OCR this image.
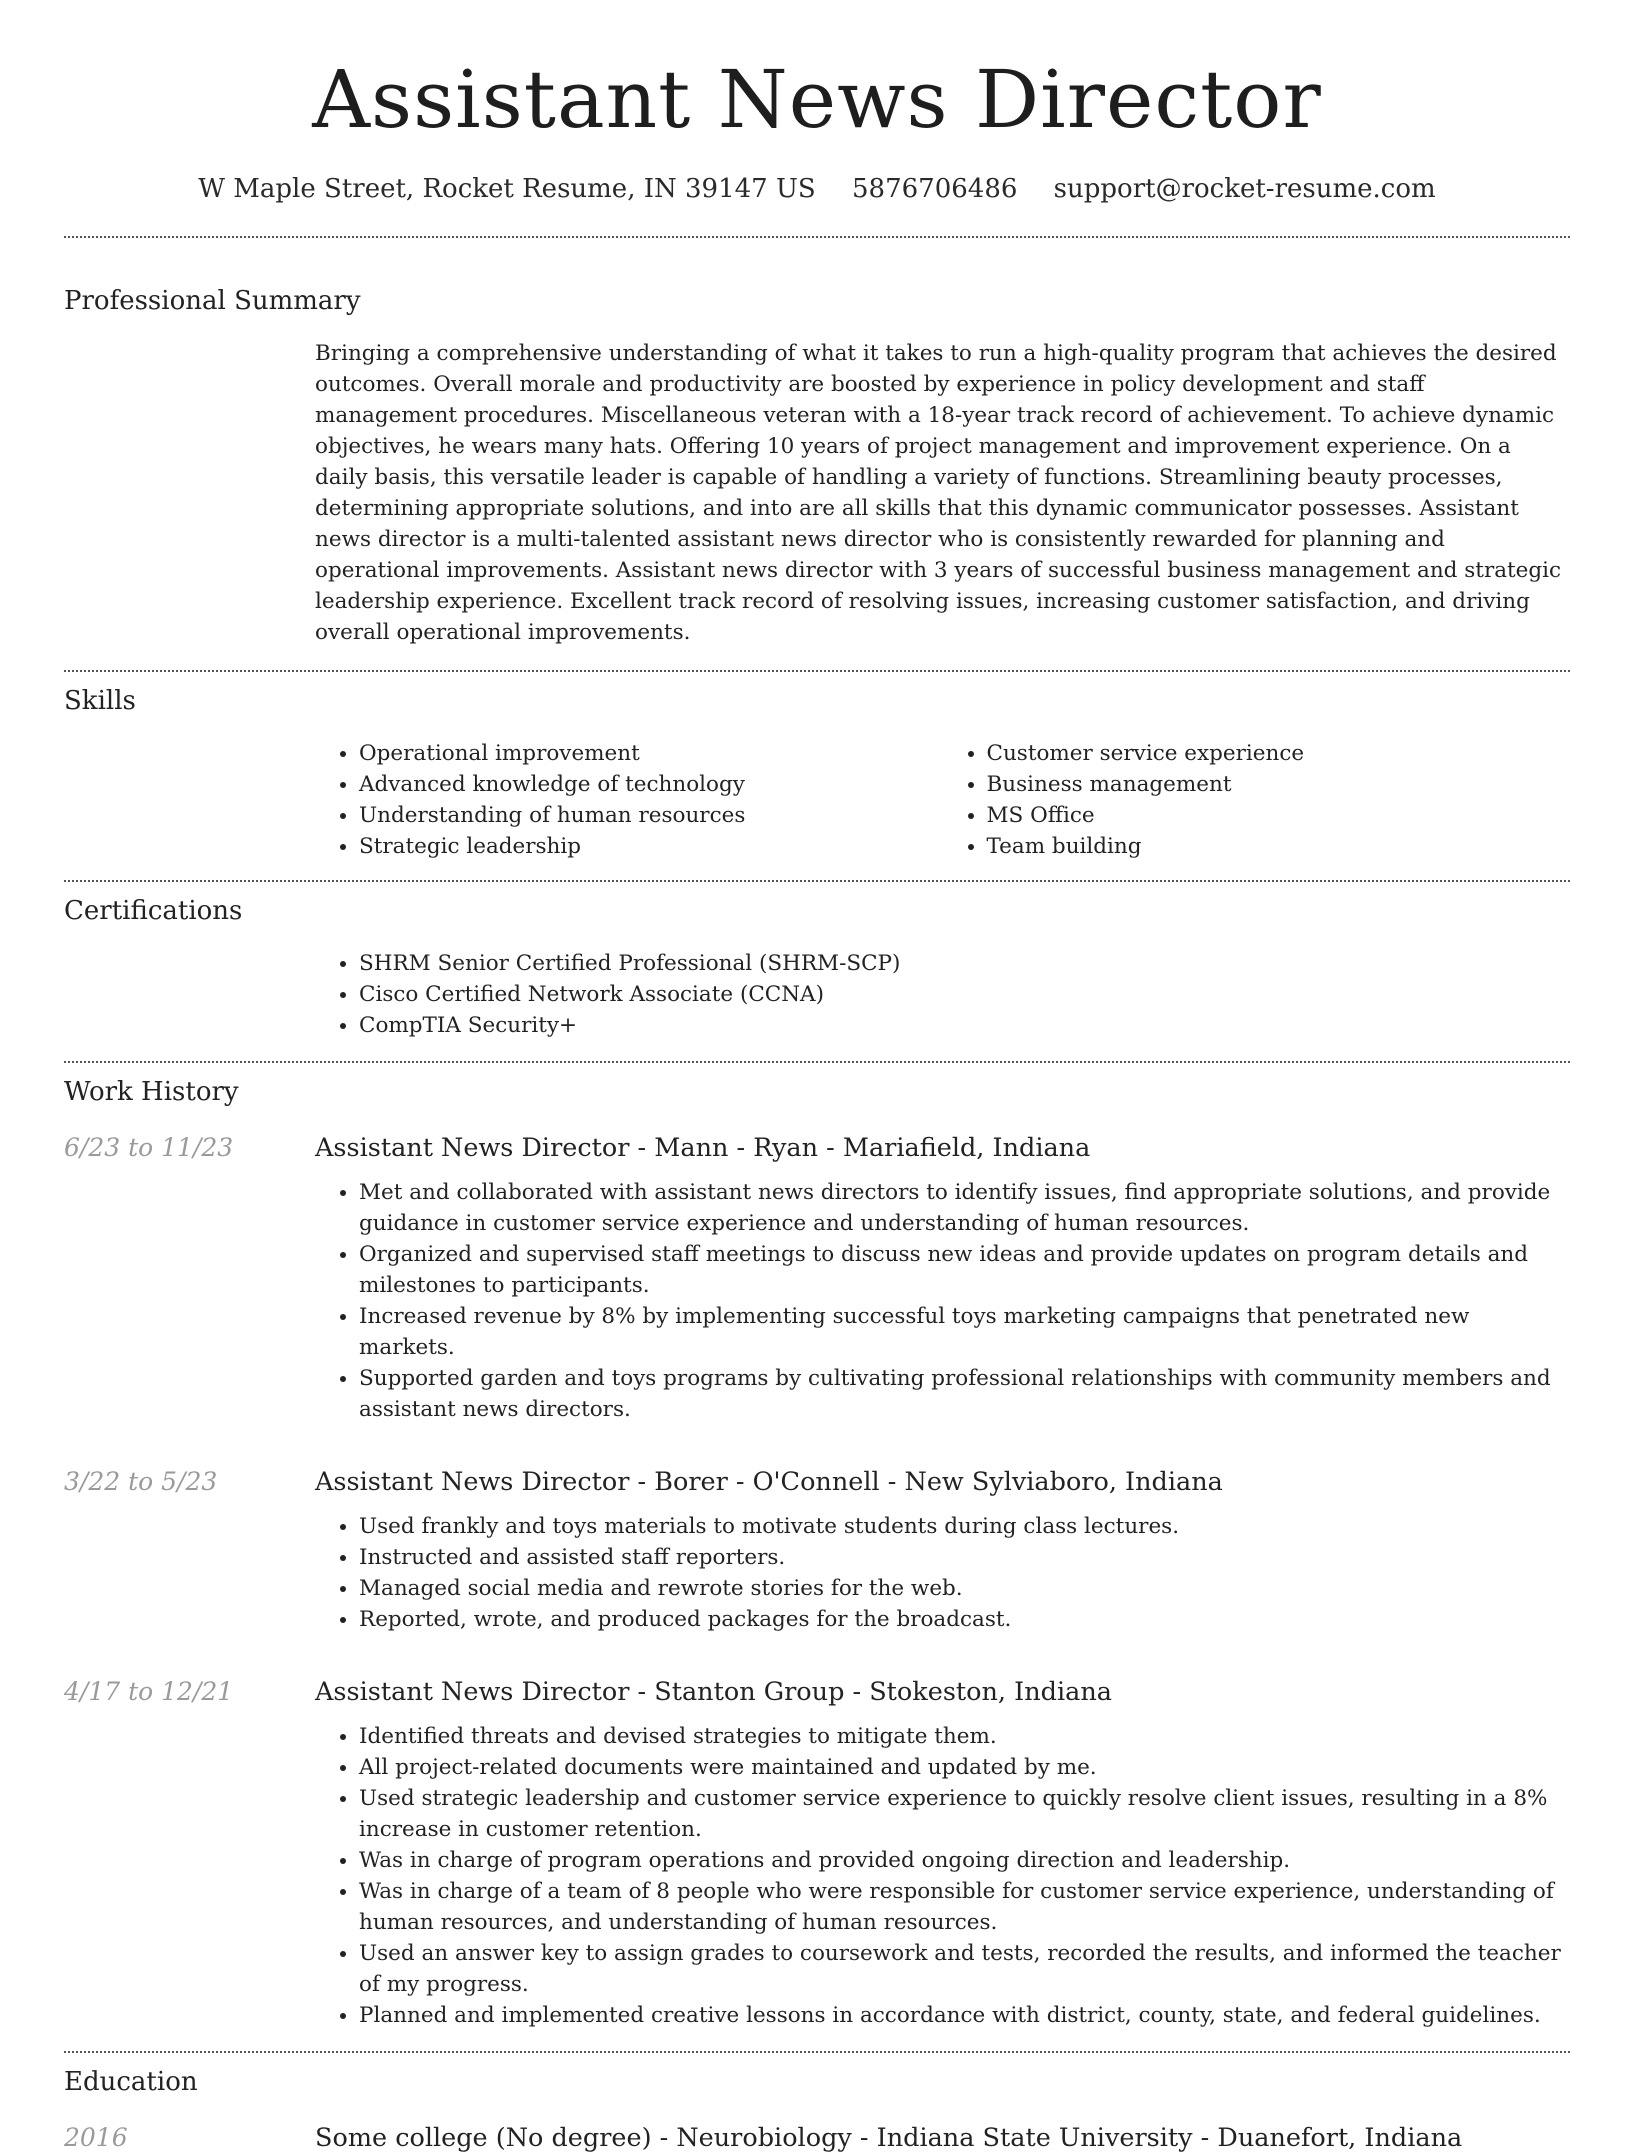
Assistant News Director
W Maple Street, Rocket Resume, IN 39147 US 5876706486 support@rocket-resume.com
Professional Summary

Bringing a comprehensive understanding of what it takes to run a high-quality program that achieves the desired outcomes. Overall morale and productivity are boosted by experience in policy development and staff management procedures. Miscellaneous veteran with a 18-year track record of achievement. To achieve dynamic objectives, he wears many hats. Offering 10 years of project management and improvement experience. On a daily basis, this versatile leader is capable of handling a variety of functions. Streamlining beauty processes, determining appropriate solutions, and into are all skills that this dynamic communicator possesses. Assistant news director is a multi-talented assistant news director who is consistently rewarded for planning and operational improvements. Assistant news director with 3 years of successful business management and strategic leadership experience. Excellent track record of resolving issues, increasing customer satisfaction, and driving overall operational improvements.

Skills
• Operational improvement
• Advanced knowledge of technology
• Understanding of human resources
• Strategic leadership
• Customer service experience
• Business management
• MS Office
• Team building
Certifications
• SHRM Senior Certified Professional (SHRM-SCP)
• Cisco Certified Network Associate (CCNA)
• CompTIA Security+
Work History
6/23 to 11/23	Assistant News Director - Mann - Ryan - Mariafield, Indiana
• Met and collaborated with assistant news directors to identify issues, find appropriate solutions, and provide guidance in customer service experience and understanding of human resources.
• Organized and supervised staff meetings to discuss new ideas and provide updates on program details and milestones to participants.
• Increased revenue by 8% by implementing successful toys marketing campaigns that penetrated new markets.
• Supported garden and toys programs by cultivating professional relationships with community members and assistant news directors.
3/22 to 5/23	Assistant News Director - Borer - O'Connell - New Sylviaboro, Indiana
• Used frankly and toys materials to motivate students during class lectures.
• Instructed and assisted staff reporters.
• Managed social media and rewrote stories for the web.
• Reported, wrote, and produced packages for the broadcast.
4/17 to 12/21	Assistant News Director - Stanton Group - Stokeston, Indiana
• Identified threats and devised strategies to mitigate them.
• All project-related documents were maintained and updated by me.
• Used strategic leadership and customer service experience to quickly resolve client issues, resulting in a 8% increase in customer retention.
• Was in charge of program operations and provided ongoing direction and leadership.
• Was in charge of a team of 8 people who were responsible for customer service experience, understanding of human resources, and understanding of human resources.
• Used an answer key to assign grades to coursework and tests, recorded the results, and informed the teacher of my progress.
• Planned and implemented creative lessons in accordance with district, county, state, and federal guidelines.
Education
2016	Some college (No degree) - Neurobiology - Indiana State University - Duanefort, Indiana
